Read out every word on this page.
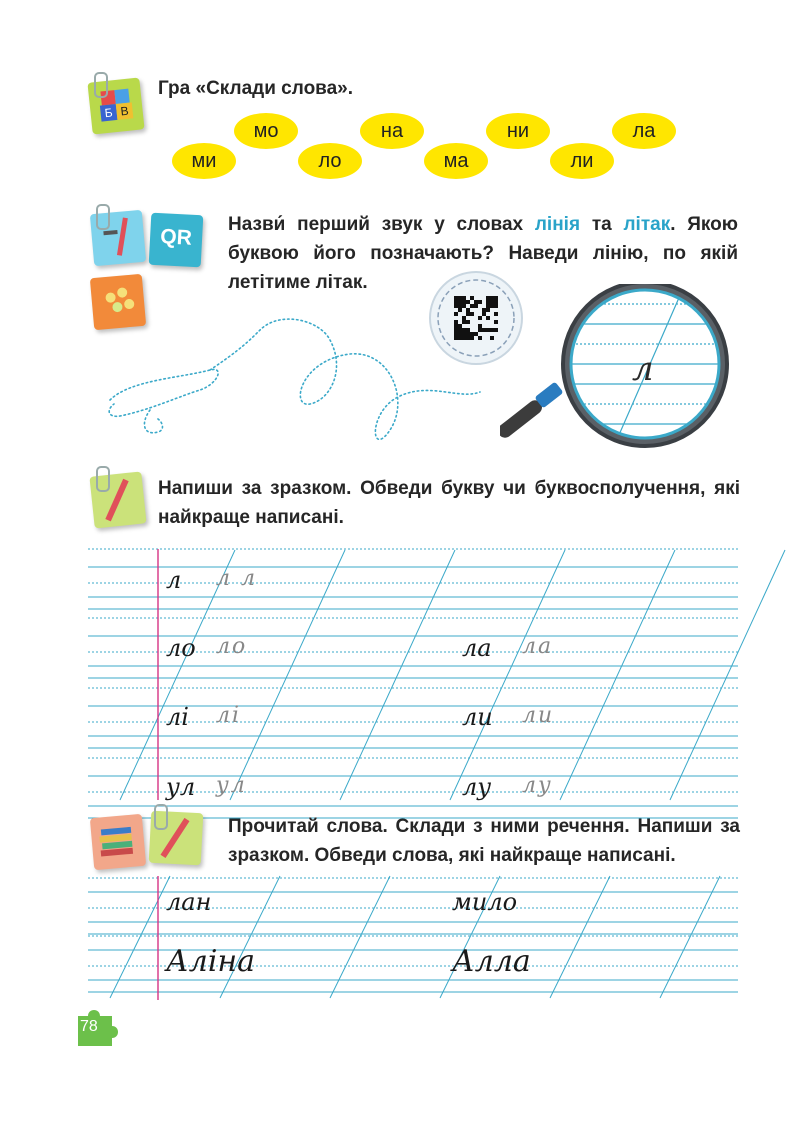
Б В
Гра «Склади слова».
мо	на	ни	ла
ми	ло	ма	ли
QR
Назви́ перший звук у словах лінія та літак. Якою буквою його позначають? Наведи лінію, по якій летітиме літак.
л
Напиши за зразком. Обведи букву чи буквосполучення, які найкраще написані.
л л л
ло ло	ла ла
лі лі	ли ли
ул ул	лу лу
Прочитай слова. Склади з ними речення. Напиши за зразком. Обведи слова, які найкраще написані.
лан	мило
Аліна	Алла
78
